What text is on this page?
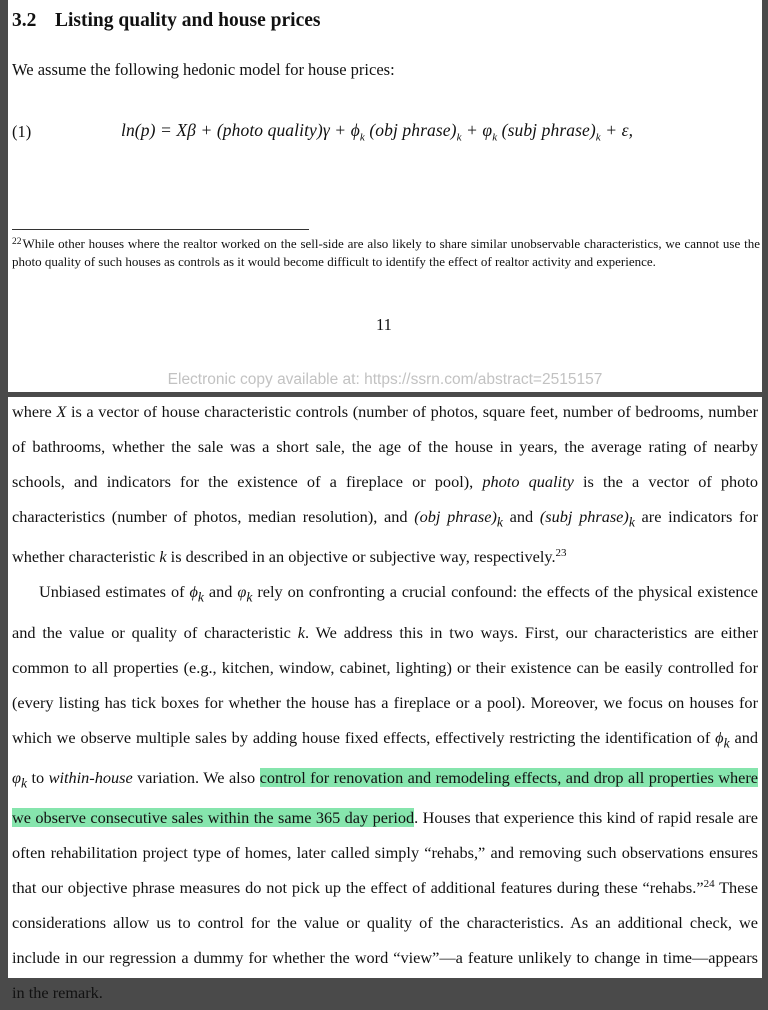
3.2 Listing quality and house prices
We assume the following hedonic model for house prices:
(1)	ln(p) = Xβ + (photo quality)γ + $\phi_k$ (obj $phrase)_k + \varphi_k$ (subj $phrase)_k + \varepsilon$,
$^{22}$While other houses where the realtor worked on the sell-side are also likely to share similar unobservable characteristics, we cannot use the photo quality of such houses as controls as it would become difficult to identify the effect of realtor activity and experience.
11
Electronic copy available at: https://ssrn.com/abstract=2515157

where X is a vector of house characteristic controls (number of photos, square feet, number of bedrooms, number of bathrooms, whether the sale was a short sale, the age of the house in years, the average rating of nearby schools, and indicators for the existence of a fireplace or pool), photo quality is the a vector of photo characteristics (number of photos, median resolution), and (obj $phrase)_k$ and (subj $phrase)_k$ are indicators for whether characteristic k is described in an objective or subjective way, respectively.$^{23}$

Unbiased estimates of $\phi_k$ and $\varphi_k$ rely on confronting a crucial confound: the effects of the physical existence and the value or quality of characteristic k. We address this in two ways. First, our characteristics are either common to all properties (e.g., kitchen, window, cabinet, lighting) or their existence can be easily controlled for (every listing has tick boxes for whether the house has a fireplace or a pool). Moreover, we focus on houses for which we observe multiple sales by adding house fixed effects, effectively restricting the identification of $\phi_k$ and $\varphi_k$ to within-house variation. We also control for renovation and remodeling effects, and drop all properties where we observe consecutive sales within the same 365 day period. Houses that experience this kind of rapid resale are often rehabilitation project type of homes, later called simply “rehabs,” and removing such observations ensures that our objective phrase measures do not pick up the effect of additional features during these “rehabs.”$^{24}$ These considerations allow us to control for the value or quality of the characteristics. As an additional check, we include in our regression a dummy for whether the word “view”—a feature unlikely to change in time—appears in the remark.
